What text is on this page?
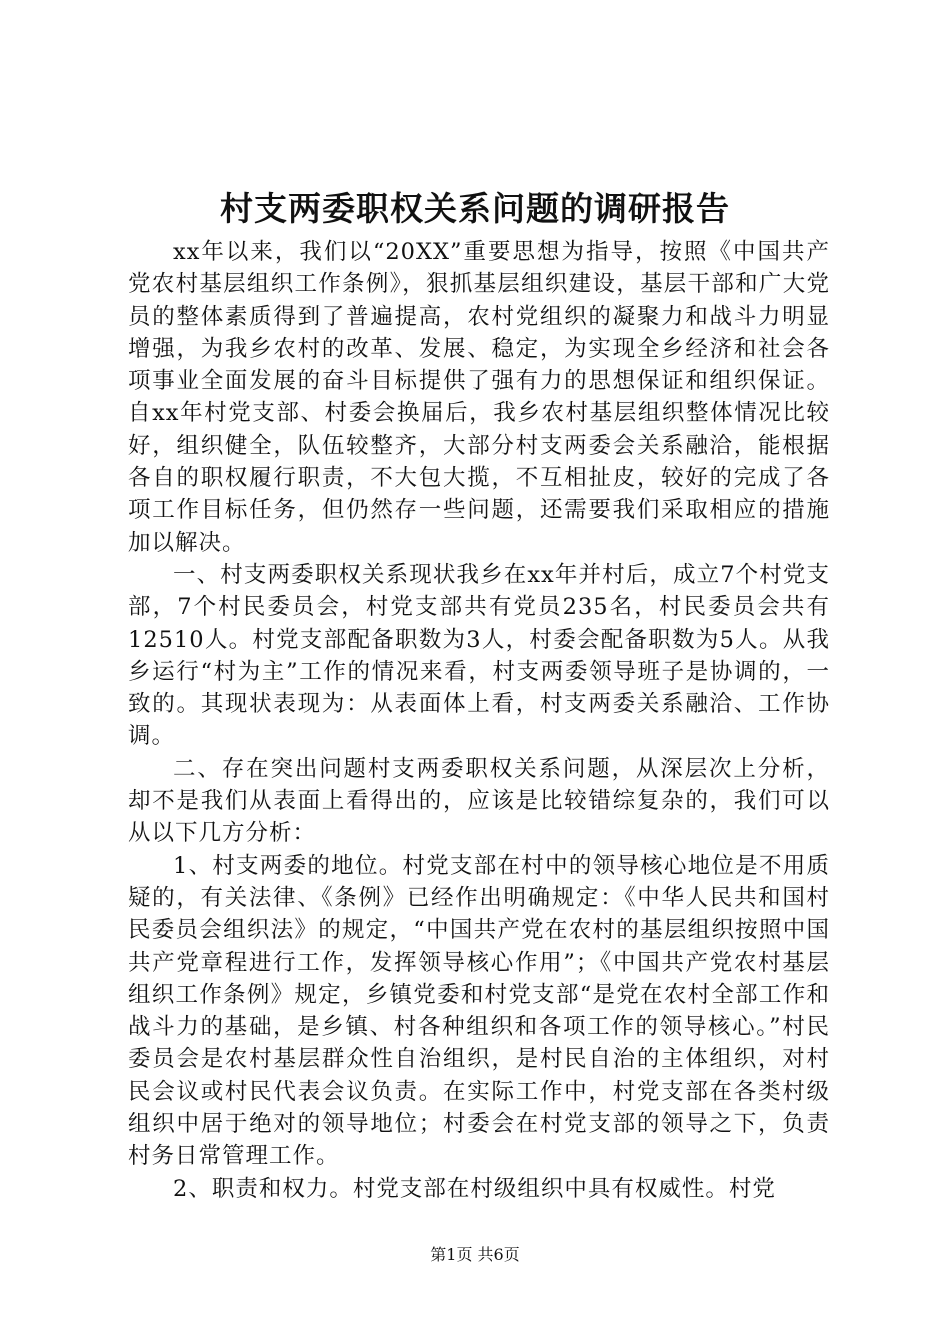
村支两委职权关系问题的调研报告

xx年以来，我们以“20XX”重要思想为指导，按照《中国共产党农村基层组织工作条例》，狠抓基层组织建设，基层干部和广大党员的整体素质得到了普遍提高，农村党组织的凝聚力和战斗力明显增强，为我乡农村的改革、发展、稳定，为实现全乡经济和社会各项事业全面发展的奋斗目标提供了强有力的思想保证和组织保证。自xx年村党支部、村委会换届后，我乡农村基层组织整体情况比较好，组织健全，队伍较整齐，大部分村支两委会关系融洽，能根据各自的职权履行职责，不大包大揽，不互相扯皮，较好的完成了各项工作目标任务，但仍然存一些问题，还需要我们采取相应的措施加以解决。

一、村支两委职权关系现状我乡在xx年并村后，成立7个村党支部，7个村民委员会，村党支部共有党员235名，村民委员会共有12510人。村党支部配备职数为3人，村委会配备职数为5人。从我乡运行“村为主”工作的情况来看，村支两委领导班子是协调的，一致的。其现状表现为：从表面体上看，村支两委关系融洽、工作协调。

二、存在突出问题村支两委职权关系问题，从深层次上分析，却不是我们从表面上看得出的，应该是比较错综复杂的，我们可以从以下几方分析：

1、村支两委的地位。村党支部在村中的领导核心地位是不用质疑的，有关法律、《条例》已经作出明确规定：《中华人民共和国村民委员会组织法》的规定，“中国共产党在农村的基层组织按照中国共产党章程进行工作，发挥领导核心作用”；《中国共产党农村基层组织工作条例》规定，乡镇党委和村党支部“是党在农村全部工作和战斗力的基础，是乡镇、村各种组织和各项工作的领导核心。”村民委员会是农村基层群众性自治组织，是村民自治的主体组织，对村民会议或村民代表会议负责。在实际工作中，村党支部在各类村级组织中居于绝对的领导地位；村委会在村党支部的领导之下，负责村务日常管理工作。

2、职责和权力。村党支部在村级组织中具有权威性。村党

第1页 共6页
